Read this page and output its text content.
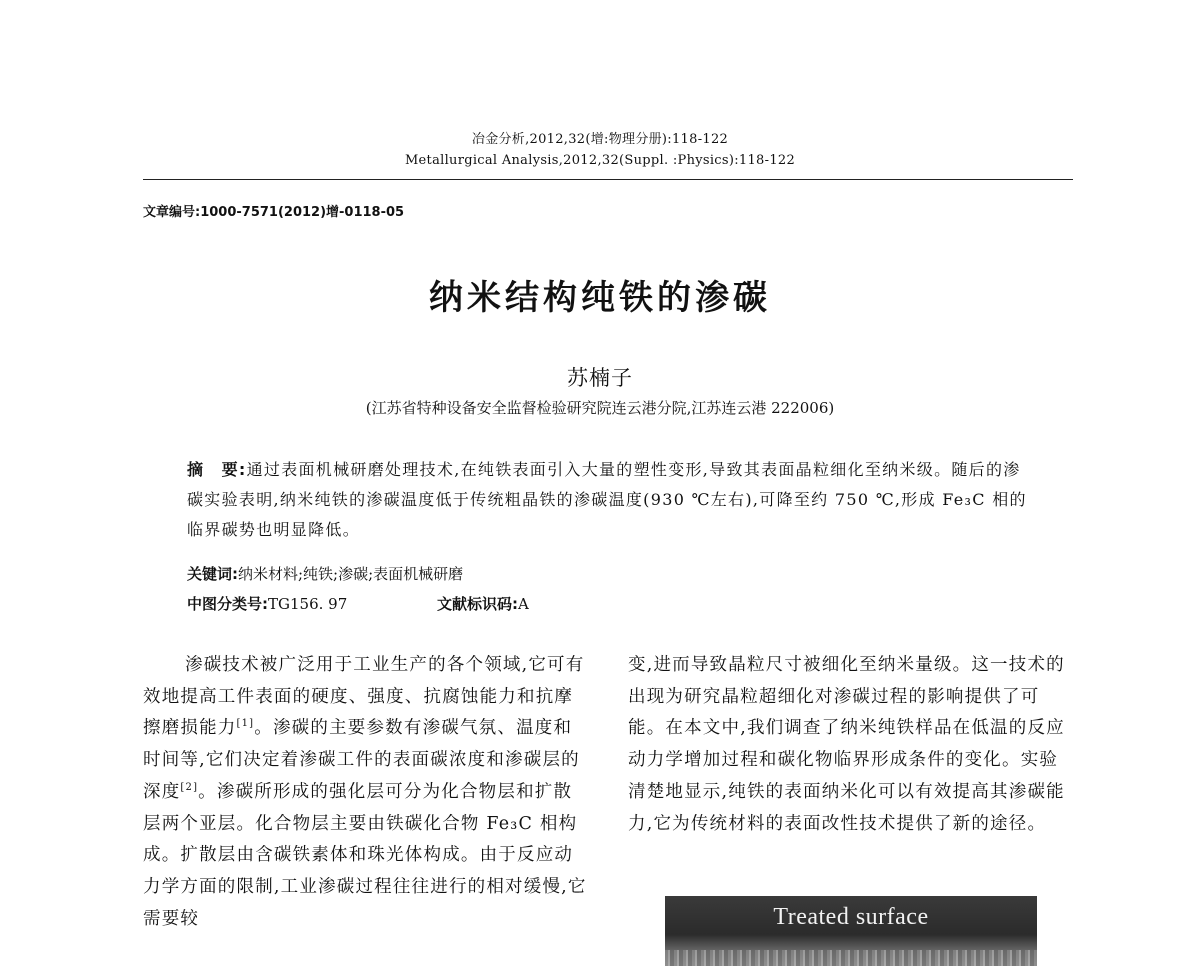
冶金分析,2012,32(增:物理分册):118-122
Metallurgical Analysis,2012,32(Suppl. :Physics):118-122
文章编号:1000-7571(2012)增-0118-05
纳米结构纯铁的渗碳
苏楠子
(江苏省特种设备安全监督检验研究院连云港分院,江苏连云港 222006)
摘　要:通过表面机械研磨处理技术,在纯铁表面引入大量的塑性变形,导致其表面晶粒细化至纳米级。随后的渗碳实验表明,纳米纯铁的渗碳温度低于传统粗晶铁的渗碳温度(930 ℃左右),可降至约 750 ℃,形成 Fe₃C 相的临界碳势也明显降低。
关键词:纳米材料;纯铁;渗碳;表面机械研磨
中图分类号:TG156. 97	文献标识码:A
渗碳技术被广泛用于工业生产的各个领域,它可有效地提高工件表面的硬度、强度、抗腐蚀能力和抗摩擦磨损能力[1]。渗碳的主要参数有渗碳气氛、温度和时间等,它们决定着渗碳工件的表面碳浓度和渗碳层的深度[2]。渗碳所形成的强化层可分为化合物层和扩散层两个亚层。化合物层主要由铁碳化合物 Fe₃C 相构成。扩散层由含碳铁素体和珠光体构成。由于反应动力学方面的限制,工业渗碳过程往往进行的相对缓慢,它需要较
变,进而导致晶粒尺寸被细化至纳米量级。这一技术的出现为研究晶粒超细化对渗碳过程的影响提供了可能。在本文中,我们调查了纳米纯铁样品在低温的反应动力学增加过程和碳化物临界形成条件的变化。实验清楚地显示,纯铁的表面纳米化可以有效提高其渗碳能力,它为传统材料的表面改性技术提供了新的途径。
Treated surface
